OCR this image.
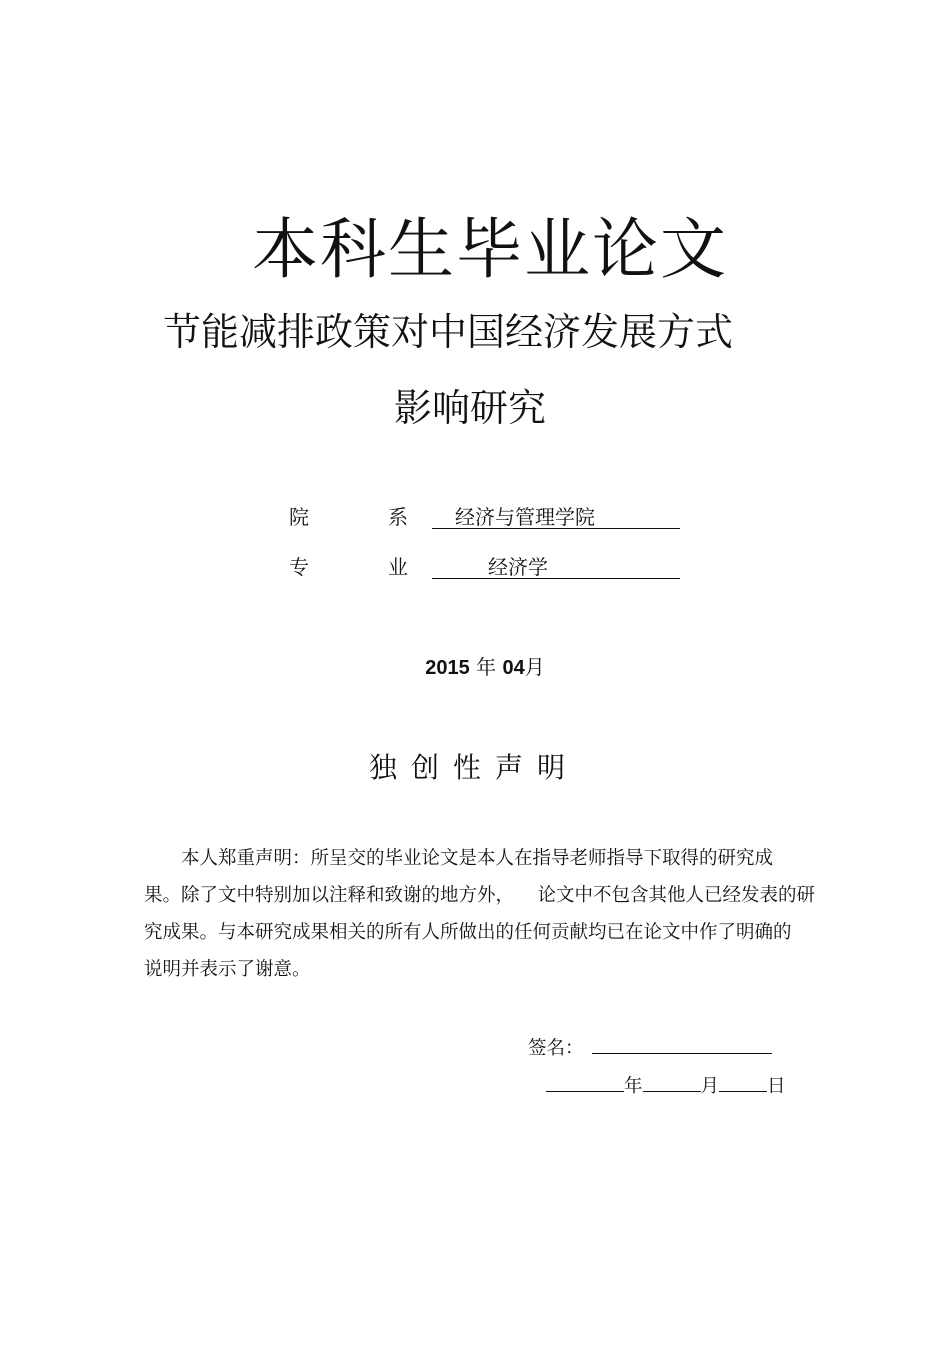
本科生毕业论文
节能减排政策对中国经济发展方式
影响研究
院	系 经济与管理学院
专	业	经济学
2015 年 04月
独创性声明
本人郑重声明：所呈交的毕业论文是本人在指导老师指导下取得的研究成
果。除了文中特别加以注释和致谢的地方外，    论文中不包含其他人已经发表的研
究成果。与本研究成果相关的所有人所做出的任何贡献均已在论文中作了明确的
说明并表示了谢意。
签名：
年	月	日
